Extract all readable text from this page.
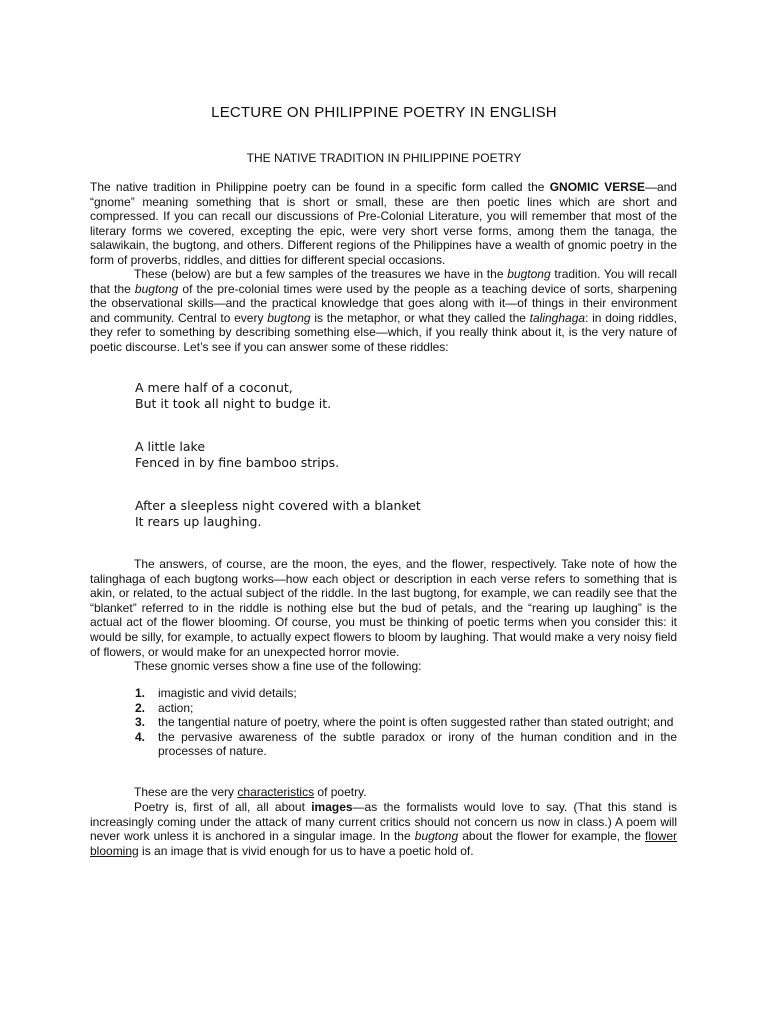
LECTURE ON PHILIPPINE POETRY IN ENGLISH
THE NATIVE TRADITION IN PHILIPPINE POETRY
The native tradition in Philippine poetry can be found in a specific form called the GNOMIC VERSE—and “gnome” meaning something that is short or small, these are then poetic lines which are short and compressed. If you can recall our discussions of Pre-Colonial Literature, you will remember that most of the literary forms we covered, excepting the epic, were very short verse forms, among them the tanaga, the salawikain, the bugtong, and others. Different regions of the Philippines have a wealth of gnomic poetry in the form of proverbs, riddles, and ditties for different special occasions.
These (below) are but a few samples of the treasures we have in the bugtong tradition. You will recall that the bugtong of the pre-colonial times were used by the people as a teaching device of sorts, sharpening the observational skills—and the practical knowledge that goes along with it—of things in their environment and community. Central to every bugtong is the metaphor, or what they called the talinghaga: in doing riddles, they refer to something by describing something else—which, if you really think about it, is the very nature of poetic discourse. Let’s see if you can answer some of these riddles:
A mere half of a coconut,
But it took all night to budge it.
A little lake
Fenced in by fine bamboo strips.
After a sleepless night covered with a blanket
It rears up laughing.
The answers, of course, are the moon, the eyes, and the flower, respectively. Take note of how the talinghaga of each bugtong works—how each object or description in each verse refers to something that is akin, or related, to the actual subject of the riddle. In the last bugtong, for example, we can readily see that the “blanket” referred to in the riddle is nothing else but the bud of petals, and the “rearing up laughing” is the actual act of the flower blooming. Of course, you must be thinking of poetic terms when you consider this: it would be silly, for example, to actually expect flowers to bloom by laughing. That would make a very noisy field of flowers, or would make for an unexpected horror movie.
These gnomic verses show a fine use of the following:
1.	imagistic and vivid details;
2.	action;
3.	the tangential nature of poetry, where the point is often suggested rather than stated outright; and
4.	the pervasive awareness of the subtle paradox or irony of the human condition and in the processes of nature.
These are the very characteristics of poetry.
Poetry is, first of all, all about images—as the formalists would love to say. (That this stand is increasingly coming under the attack of many current critics should not concern us now in class.) A poem will never work unless it is anchored in a singular image. In the bugtong about the flower for example, the flower blooming is an image that is vivid enough for us to have a poetic hold of.
